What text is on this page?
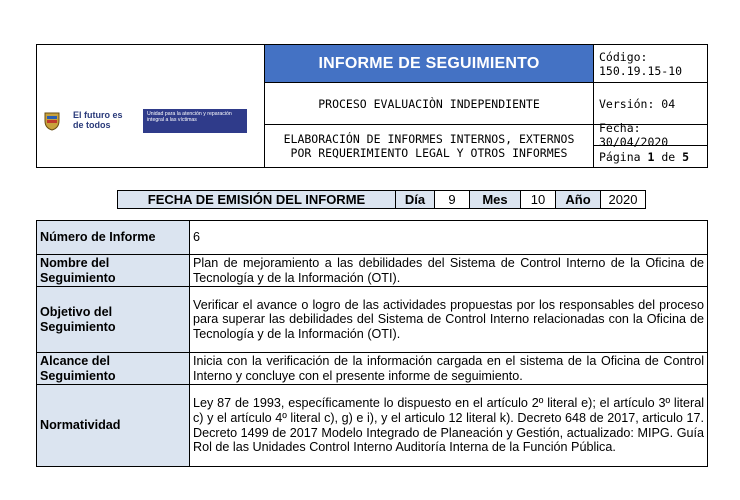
El futuro es de todos
Unidad para la atención y reparación integral a las víctimas
INFORME DE SEGUIMIENTO
PROCESO EVALUACIÒN INDEPENDIENTE
ELABORACIÓN DE INFORMES INTERNOS, EXTERNOS POR REQUERIMIENTO LEGAL Y OTROS INFORMES
Código: 150.19.15-10
Versión: 04
Fecha: 30/04/2020
Página
1
de
5
FECHA DE EMISIÓN DEL INFORME	Día	9	Mes	10	Año	2020
Número de Informe	6
Nombre del Seguimiento	Plan de mejoramiento a las debilidades del Sistema de Control Interno de la Oficina de Tecnología y de la Información (OTI).
Objetivo del Seguimiento	Verificar el avance o logro de las actividades propuestas por los responsables del proceso para superar las debilidades del Sistema de Control Interno relacionadas con la Oficina de Tecnología y de la Información (OTI).
Alcance del Seguimiento	Inicia con la verificación de la información cargada en el sistema de la Oficina de Control Interno y concluye con el presente informe de seguimiento.
Normatividad	Ley 87 de 1993, específicamente lo dispuesto en el artículo 2º literal e); el artículo 3º literal c) y el artículo 4º literal c), g) e i), y el articulo 12 literal k). Decreto 648 de 2017, articulo 17. Decreto 1499 de 2017 Modelo Integrado de Planeación y Gestión, actualizado: MIPG. Guía Rol de las Unidades Control Interno Auditoría Interna de la Función Pública.
